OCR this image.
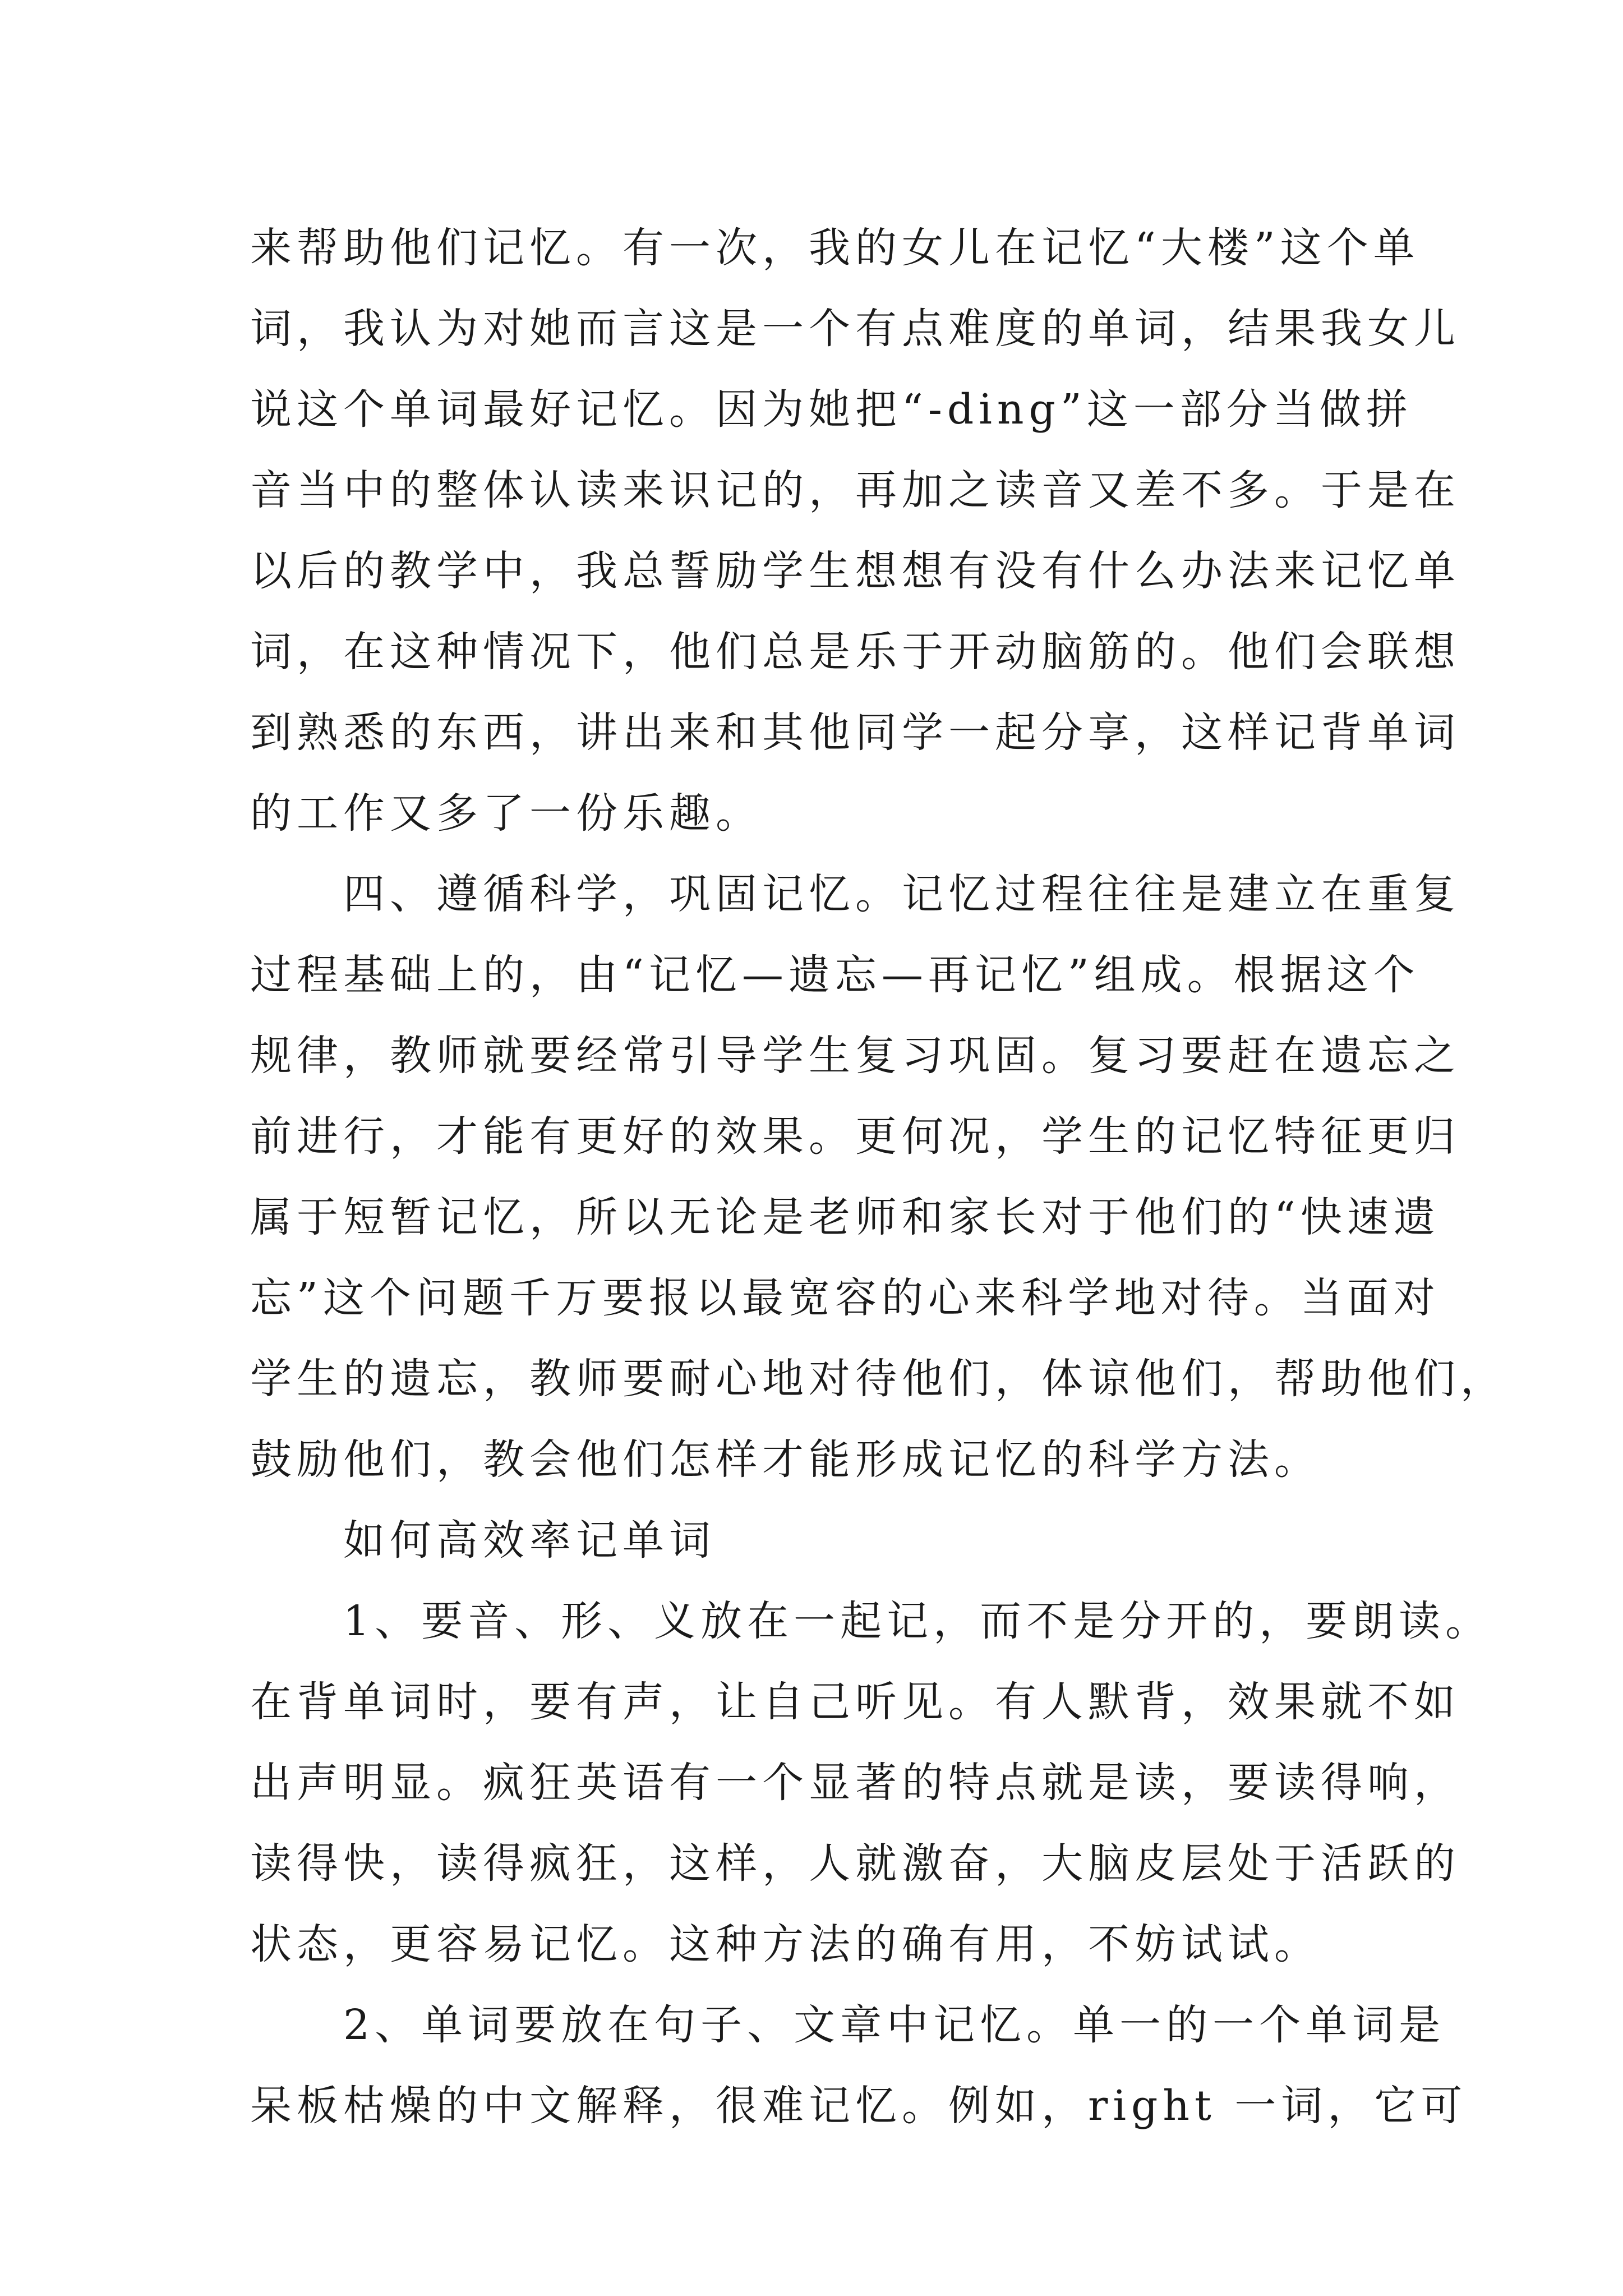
来帮助他们记忆。有一次，我的女儿在记忆“大楼”这个单
词，我认为对她而言这是一个有点难度的单词，结果我女儿
说这个单词最好记忆。因为她把“-ding”这一部分当做拼
音当中的整体认读来识记的，再加之读音又差不多。于是在
以后的教学中，我总誓励学生想想有没有什么办法来记忆单
词，在这种情况下，他们总是乐于开动脑筋的。他们会联想
到熟悉的东西，讲出来和其他同学一起分享，这样记背单词
的工作又多了一份乐趣。
四、遵循科学，巩固记忆。记忆过程往往是建立在重复
过程基础上的，由“记忆—遗忘—再记忆”组成。根据这个
规律，教师就要经常引导学生复习巩固。复习要赶在遗忘之
前进行，才能有更好的效果。更何况，学生的记忆特征更归
属于短暂记忆，所以无论是老师和家长对于他们的“快速遗
忘”这个问题千万要报以最宽容的心来科学地对待。当面对
学生的遗忘，教师要耐心地对待他们，体谅他们，帮助他们，
鼓励他们，教会他们怎样才能形成记忆的科学方法。
如何高效率记单词
1、要音、形、义放在一起记，而不是分开的，要朗读。
在背单词时，要有声，让自己听见。有人默背，效果就不如
出声明显。疯狂英语有一个显著的特点就是读，要读得响，
读得快，读得疯狂，这样，人就激奋，大脑皮层处于活跃的
状态，更容易记忆。这种方法的确有用，不妨试试。
2、单词要放在句子、文章中记忆。单一的一个单词是
呆板枯燥的中文解释，很难记忆。例如，right 一词，它可
